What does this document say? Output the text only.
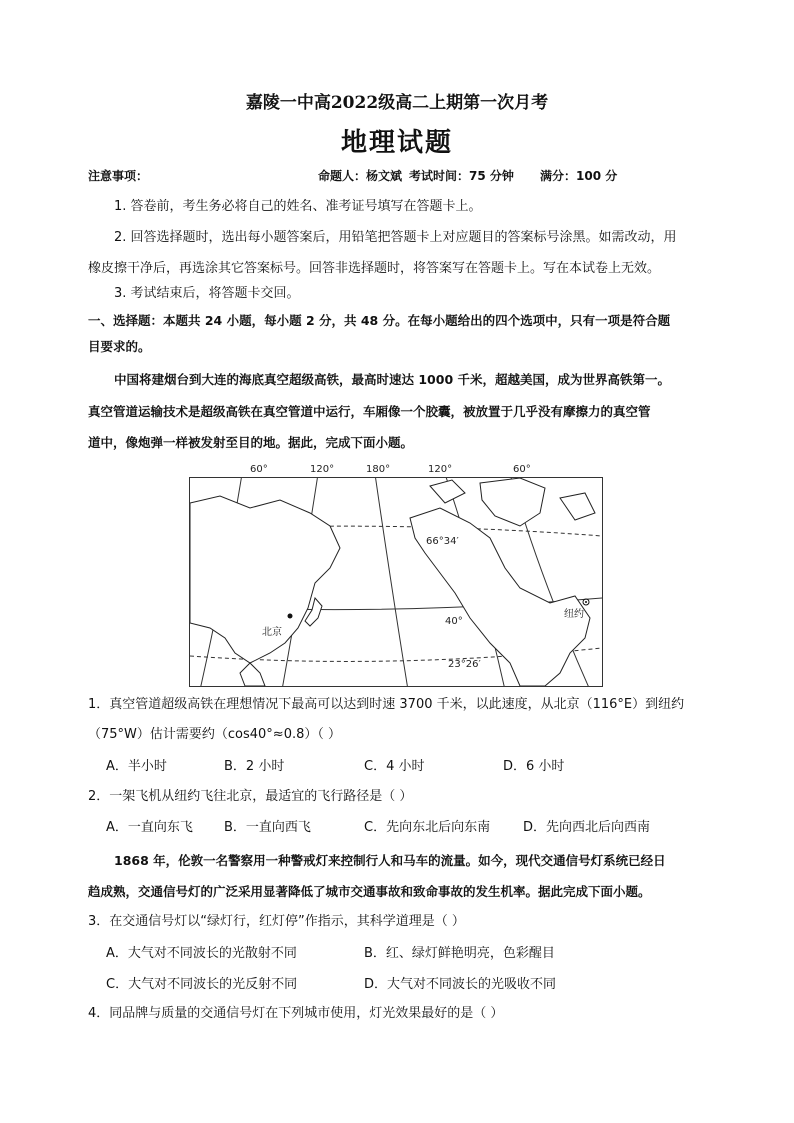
嘉陵一中高2022级高二上期第一次月考
地理试题
注意事项：	命题人：杨文斌 考试时间：75 分钟 满分：100 分
1. 答卷前，考生务必将自己的姓名、准考证号填写在答题卡上。
2. 回答选择题时，选出每小题答案后，用铅笔把答题卡上对应题目的答案标号涂黑。如需改动，用
橡皮擦干净后，再选涂其它答案标号。回答非选择题时，将答案写在答题卡上。写在本试卷上无效。
3. 考试结束后，将答题卡交回。
一、选择题：本题共 24 小题，每小题 2 分，共 48 分。在每小题给出的四个选项中，只有一项是符合题
目要求的。
中国将建烟台到大连的海底真空超级高铁，最高时速达 1000 千米，超越美国，成为世界高铁第一。
真空管道运输技术是超级高铁在真空管道中运行，车厢像一个胶囊，被放置于几乎没有摩擦力的真空管
道中，像炮弹一样被发射至目的地。据此，完成下面小题。
60°	120°	180°	120°	60°
66°34′
40°
23°26′
北京
纽约
1．真空管道超级高铁在理想情况下最高可以达到时速 3700 千米，以此速度，从北京（116°E）到纽约
（75°W）估计需要约（cos40°≈0.8）（ ）
A．半小时	B．2 小时	C．4 小时	D．6 小时
2．一架飞机从纽约飞往北京，最适宜的飞行路径是（ ）
A．一直向东飞 B．一直向西飞	C．先向东北后向东南	D．先向西北后向西南
1868 年，伦敦一名警察用一种警戒灯来控制行人和马车的流量。如今，现代交通信号灯系统已经日
趋成熟，交通信号灯的广泛采用显著降低了城市交通事故和致命事故的发生机率。据此完成下面小题。
3．在交通信号灯以“绿灯行，红灯停”作指示，其科学道理是（ ）
A．大气对不同波长的光散射不同	B．红、绿灯鲜艳明亮，色彩醒目
C．大气对不同波长的光反射不同	D．大气对不同波长的光吸收不同
4．同品牌与质量的交通信号灯在下列城市使用，灯光效果最好的是（ ）
